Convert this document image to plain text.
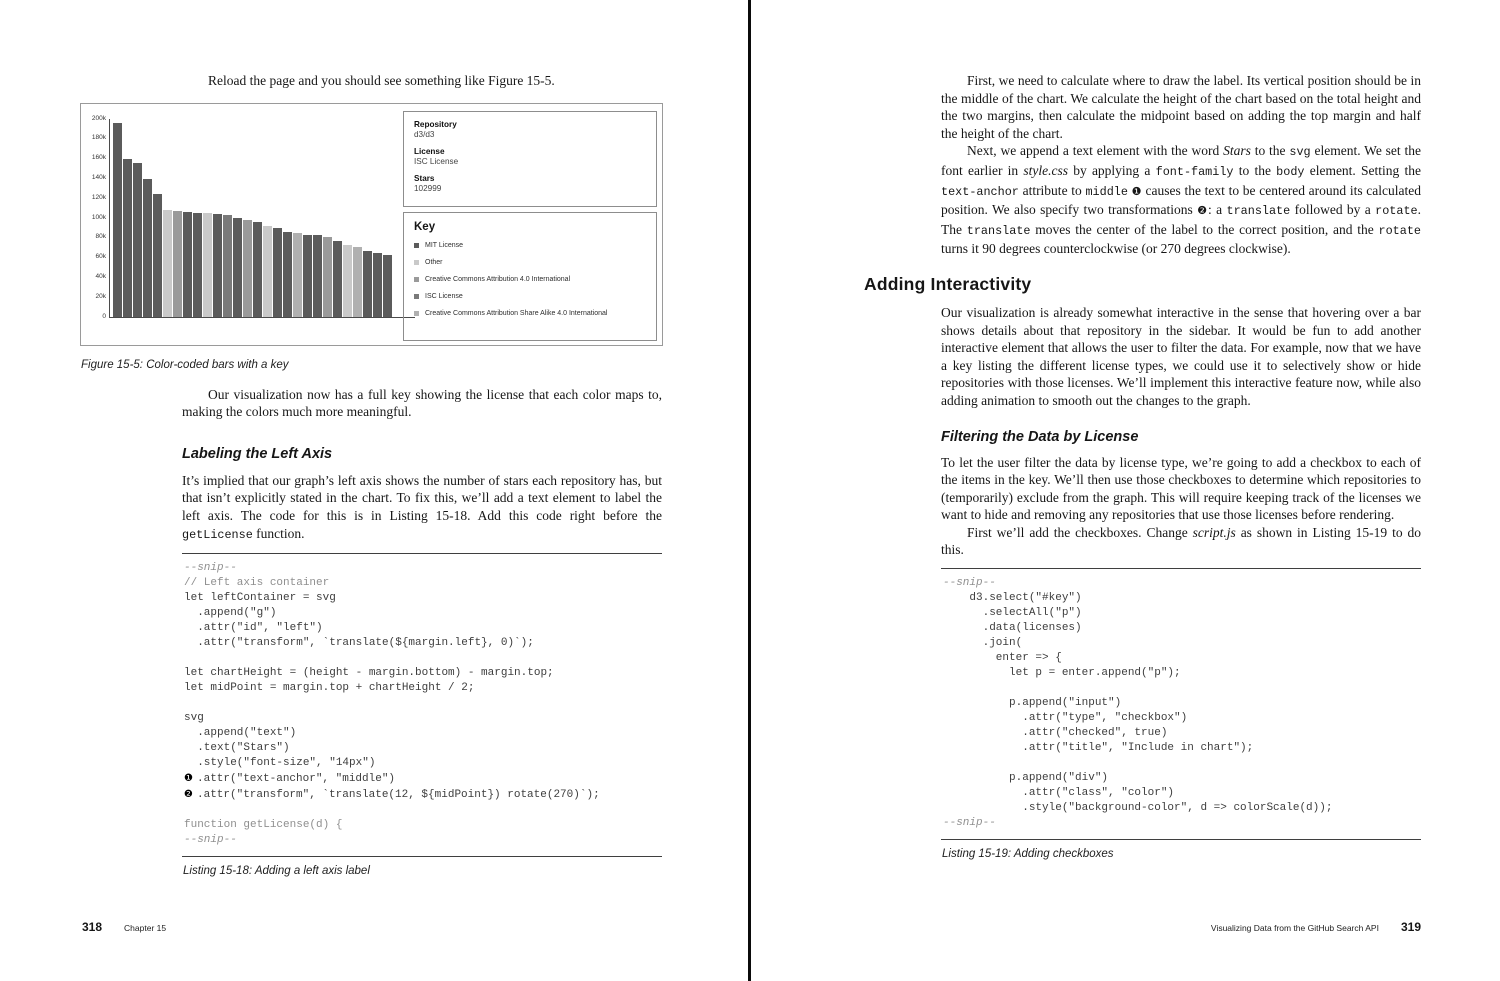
Reload the page and you should see something like Figure 15-5.

200k
180k
160k
140k
120k
100k
80k
60k
40k
20k
0
Repository
d3/d3
License
ISC License
Stars
102999
Key
MIT License
Other
Creative Commons Attribution 4.0 International
ISC License
Creative Commons Attribution Share Alike 4.0 International
Figure 15-5: Color-coded bars with a key

Our visualization now has a full key showing the license that each color maps to, making the colors much more meaningful.

Labeling the Left Axis

It’s implied that our graph’s left axis shows the number of stars each repository has, but that isn’t explicitly stated in the chart. To fix this, we’ll add a text element to label the left axis. The code for this is in Listing 15-18. Add this code right before the getLicense function.

--snip--
// Left axis container
let leftContainer = svg
.append("g")
.attr("id", "left")
.attr("transform", `translate(${margin.left}, 0)`);

let chartHeight = (height - margin.bottom) - margin.top;
let midPoint = margin.top + chartHeight / 2;

svg
.append("text")
.text("Stars")
.style("font-size", "14px")
❶ .attr("text-anchor", "middle")
❷ .attr("transform", `translate(12, ${midPoint}) rotate(270)`);

function getLicense(d) {
--snip--
Listing 15-18: Adding a left axis label
318	Chapter 15

First, we need to calculate where to draw the label. Its vertical position should be in the middle of the chart. We calculate the height of the chart based on the total height and the two margins, then calculate the midpoint based on adding the top margin and half the height of the chart.

Next, we append a text element with the word Stars to the svg element. We set the font earlier in style.css by applying a font-family to the body element. Setting the text-anchor attribute to middle ❶ causes the text to be centered around its calculated position. We also specify two transformations ❷: a translate followed by a rotate. The translate moves the center of the label to the correct position, and the rotate turns it 90 degrees counterclockwise (or 270 degrees clockwise).

Adding Interactivity

Our visualization is already somewhat interactive in the sense that hovering over a bar shows details about that repository in the sidebar. It would be fun to add another interactive element that allows the user to filter the data. For example, now that we have a key listing the different license types, we could use it to selectively show or hide repositories with those licenses. We’ll implement this interactive feature now, while also adding animation to smooth out the changes to the graph.

Filtering the Data by License

To let the user filter the data by license type, we’re going to add a checkbox to each of the items in the key. We’ll then use those checkboxes to determine which repositories to (temporarily) exclude from the graph. This will require keeping track of the licenses we want to hide and removing any repositories that use those licenses before rendering.

First we’ll add the checkboxes. Change script.js as shown in Listing 15-19 to do this.

--snip--
d3.select("#key")
.selectAll("p")
.data(licenses)
.join(
enter => {
let p = enter.append("p");

p.append("input")
.attr("type", "checkbox")
.attr("checked", true)
.attr("title", "Include in chart");

p.append("div")
.attr("class", "color")
.style("background-color", d => colorScale(d));
--snip--
Listing 15-19: Adding checkboxes
Visualizing Data from the GitHub Search API 319
